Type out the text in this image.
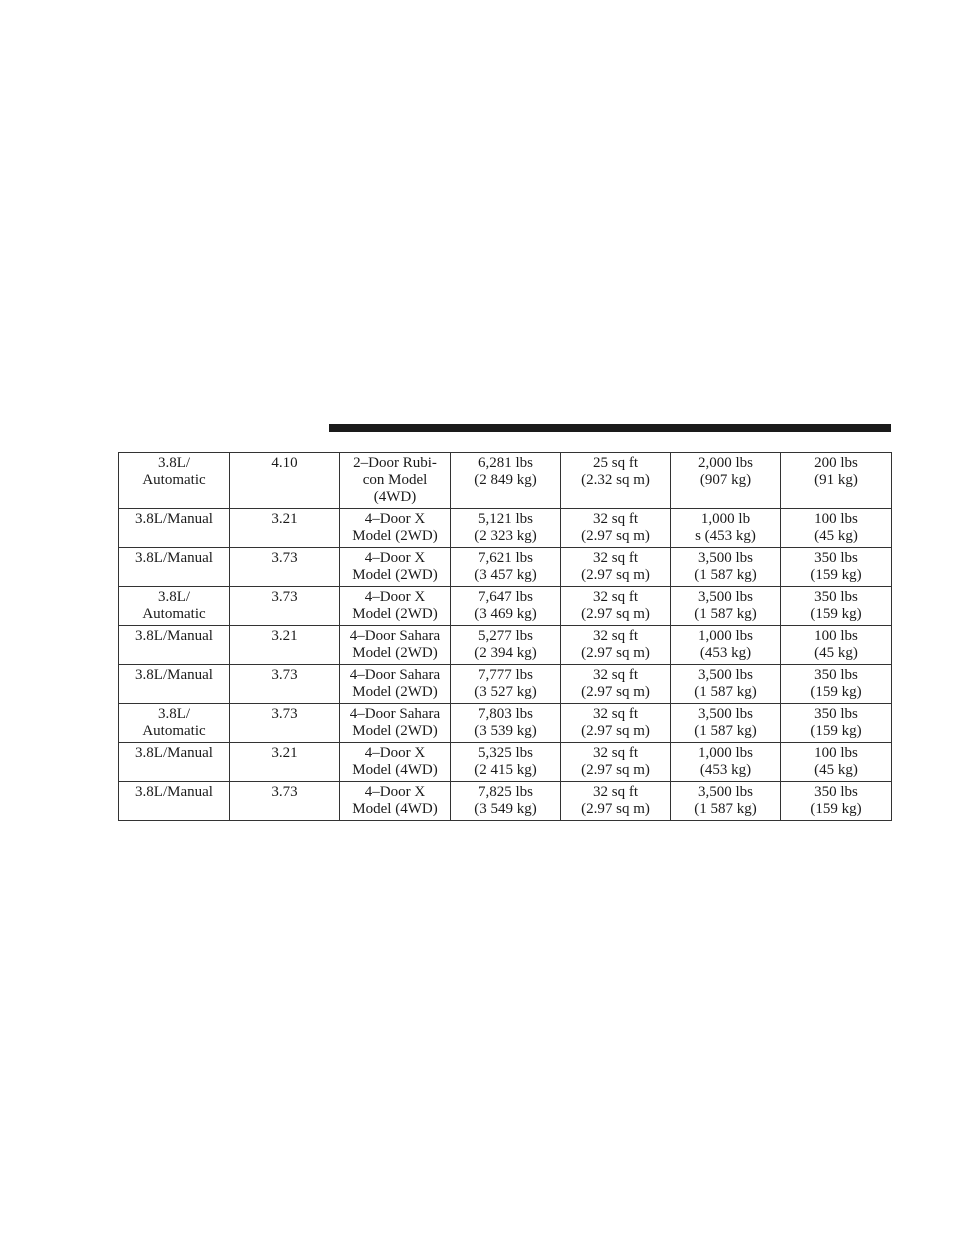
3.8L/
Automatic	4.10	2–Door Rubi-
con Model
(4WD)	6,281 lbs
(2 849 kg)	25 sq ft
(2.32 sq m)	2,000 lbs
(907 kg)	200 lbs
(91 kg)

3.8L/Manual	3.21	4–Door X
Model (2WD)	5,121 lbs
(2 323 kg)	32 sq ft
(2.97 sq m)	1,000 lb
s (453 kg)	100 lbs
(45 kg)

3.8L/Manual	3.73	4–Door X
Model (2WD)	7,621 lbs
(3 457 kg)	32 sq ft
(2.97 sq m)	3,500 lbs
(1 587 kg)	350 lbs
(159 kg)

3.8L/
Automatic	3.73	4–Door X
Model (2WD)	7,647 lbs
(3 469 kg)	32 sq ft
(2.97 sq m)	3,500 lbs
(1 587 kg)	350 lbs
(159 kg)

3.8L/Manual	3.21	4–Door Sahara
Model (2WD)	5,277 lbs
(2 394 kg)	32 sq ft
(2.97 sq m)	1,000 lbs
(453 kg)	100 lbs
(45 kg)

3.8L/Manual	3.73	4–Door Sahara
Model (2WD)	7,777 lbs
(3 527 kg)	32 sq ft
(2.97 sq m)	3,500 lbs
(1 587 kg)	350 lbs
(159 kg)

3.8L/
Automatic	3.73	4–Door Sahara
Model (2WD)	7,803 lbs
(3 539 kg)	32 sq ft
(2.97 sq m)	3,500 lbs
(1 587 kg)	350 lbs
(159 kg)

3.8L/Manual	3.21	4–Door X
Model (4WD)	5,325 lbs
(2 415 kg)	32 sq ft
(2.97 sq m)	1,000 lbs
(453 kg)	100 lbs
(45 kg)

3.8L/Manual	3.73	4–Door X
Model (4WD)	7,825 lbs
(3 549 kg)	32 sq ft
(2.97 sq m)	3,500 lbs
(1 587 kg)	350 lbs
(159 kg)
